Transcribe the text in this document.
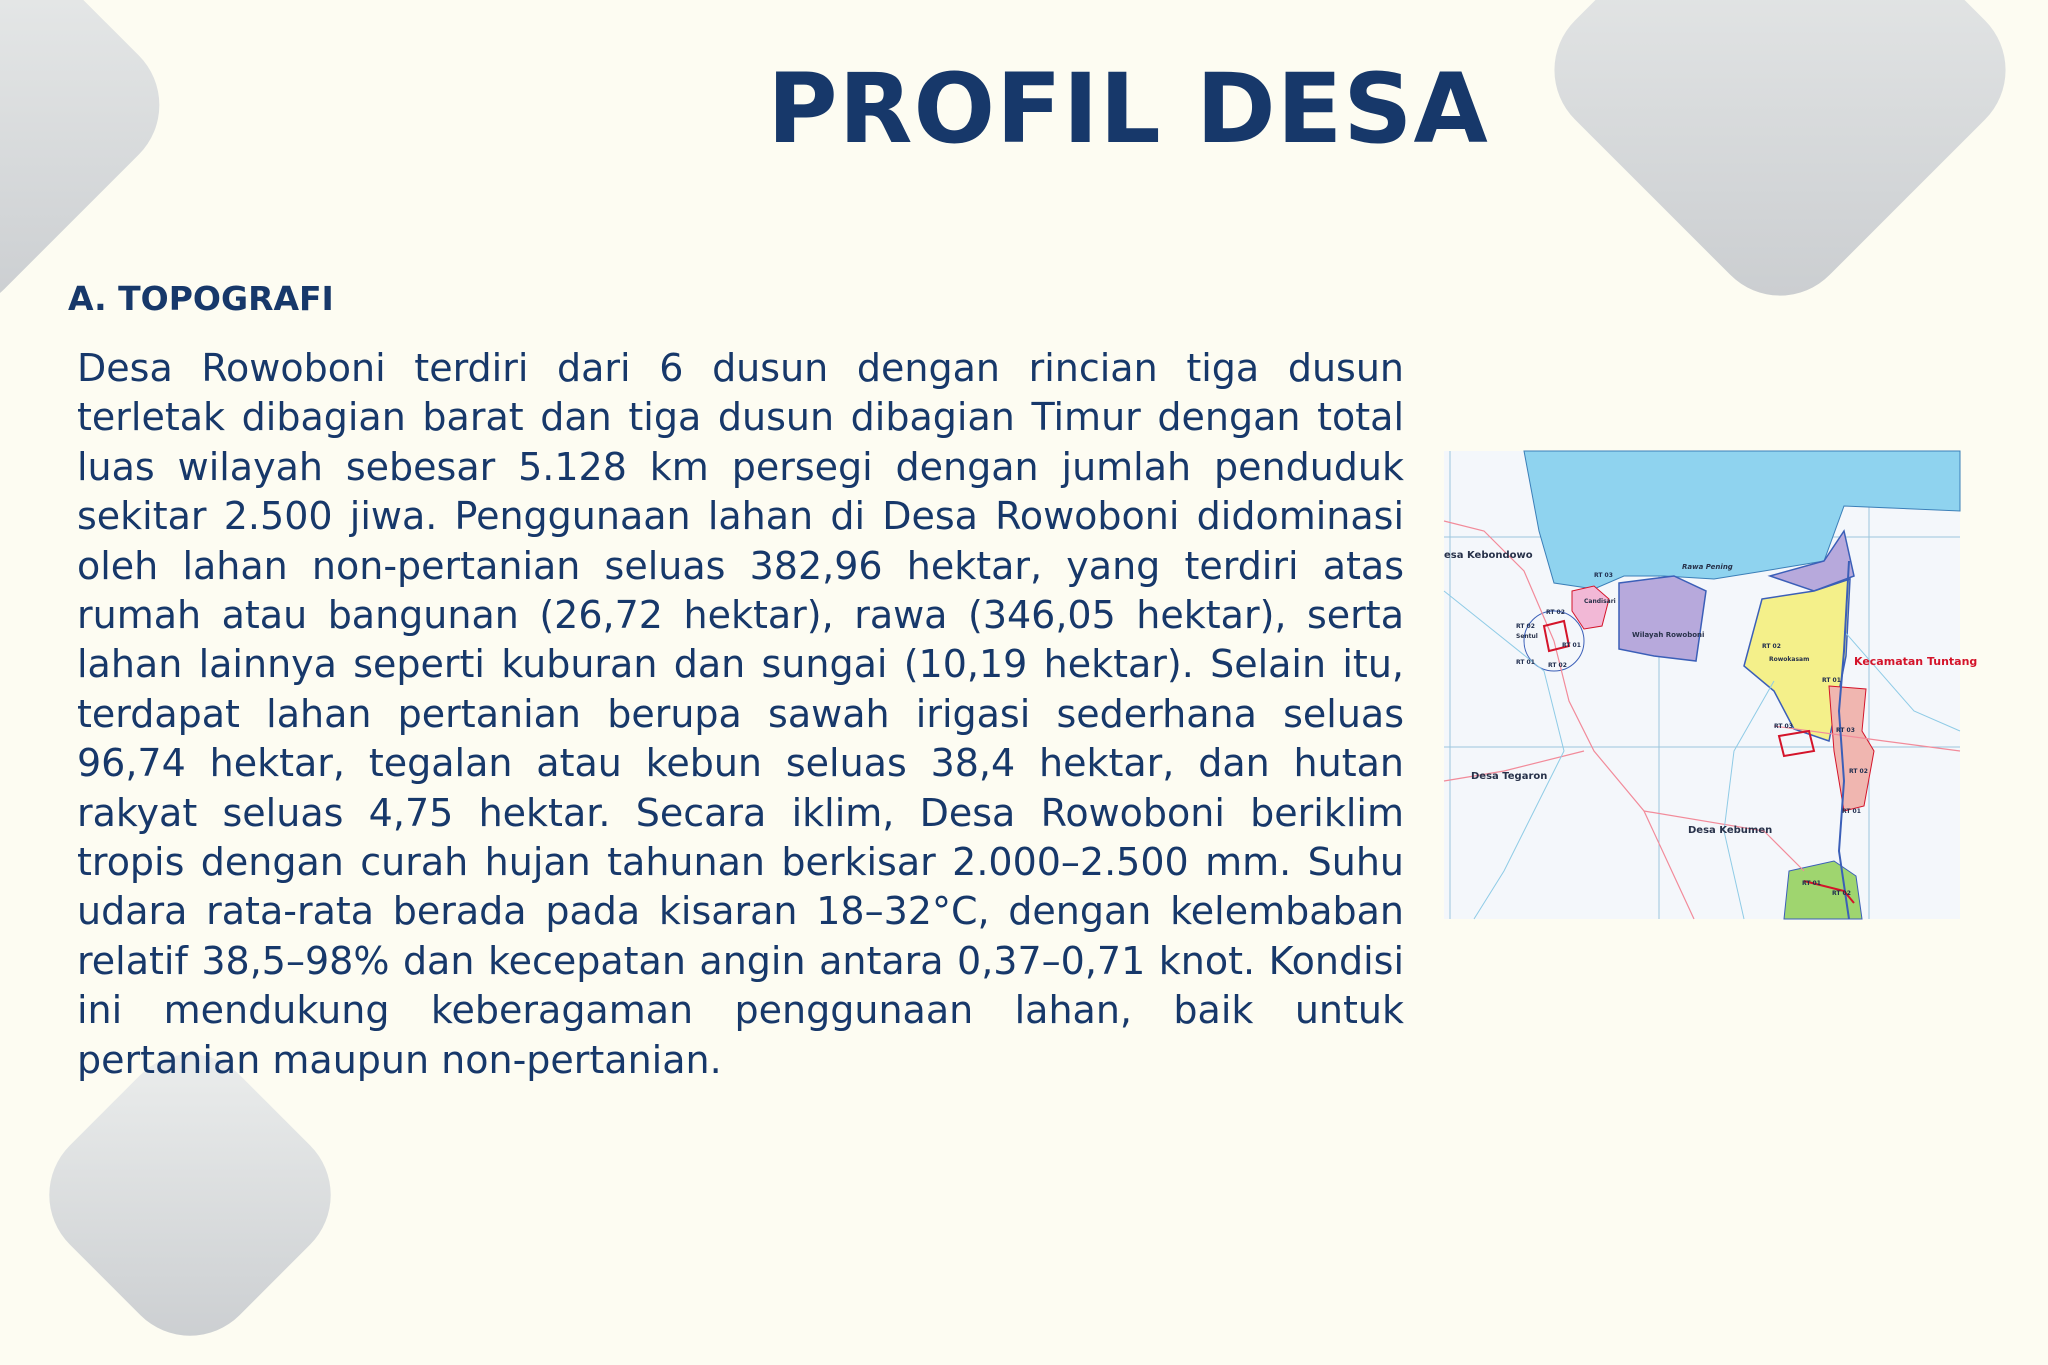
PROFIL DESA
A. TOPOGRAFI

Desa Rowoboni terdiri dari 6 dusun dengan rincian tiga dusun terletak dibagian barat dan tiga dusun dibagian Timur dengan total luas wilayah sebesar 5.128 km persegi dengan jumlah penduduk sekitar 2.500 jiwa. Penggunaan lahan di Desa Rowoboni didominasi oleh lahan non-pertanian seluas 382,96 hektar, yang terdiri atas rumah atau bangunan (26,72 hektar), rawa (346,05 hektar), serta lahan lainnya seperti kuburan dan sungai (10,19 hektar). Selain itu, terdapat lahan pertanian berupa sawah irigasi sederhana seluas 96,74 hektar, tegalan atau kebun seluas 38,4 hektar, dan hutan rakyat seluas 4,75 hektar. Secara iklim, Desa Rowoboni beriklim tropis dengan curah hujan tahunan berkisar 2.000–2.500 mm. Suhu udara rata-rata berada pada kisaran 18–32°C, dengan kelembaban relatif 38,5–98% dan kecepatan angin antara 0,37–0,71 knot. Kondisi ini mendukung keberagaman penggunaan lahan, baik untuk pertanian maupun non-pertanian.

esa Kebondowo
Rawa Pening
Candisari
Sentul	Wilayah Rowoboni
Rowokasam	Kecamatan Tuntang
Desa Tegaron
Desa Kebumen
RT 03
RT 02
RT 02
RT 01
RT 01 RT 02
RT 02
RT 01
RT 03
RT 03
RT 02
RT 01
RT 01
RT 02
